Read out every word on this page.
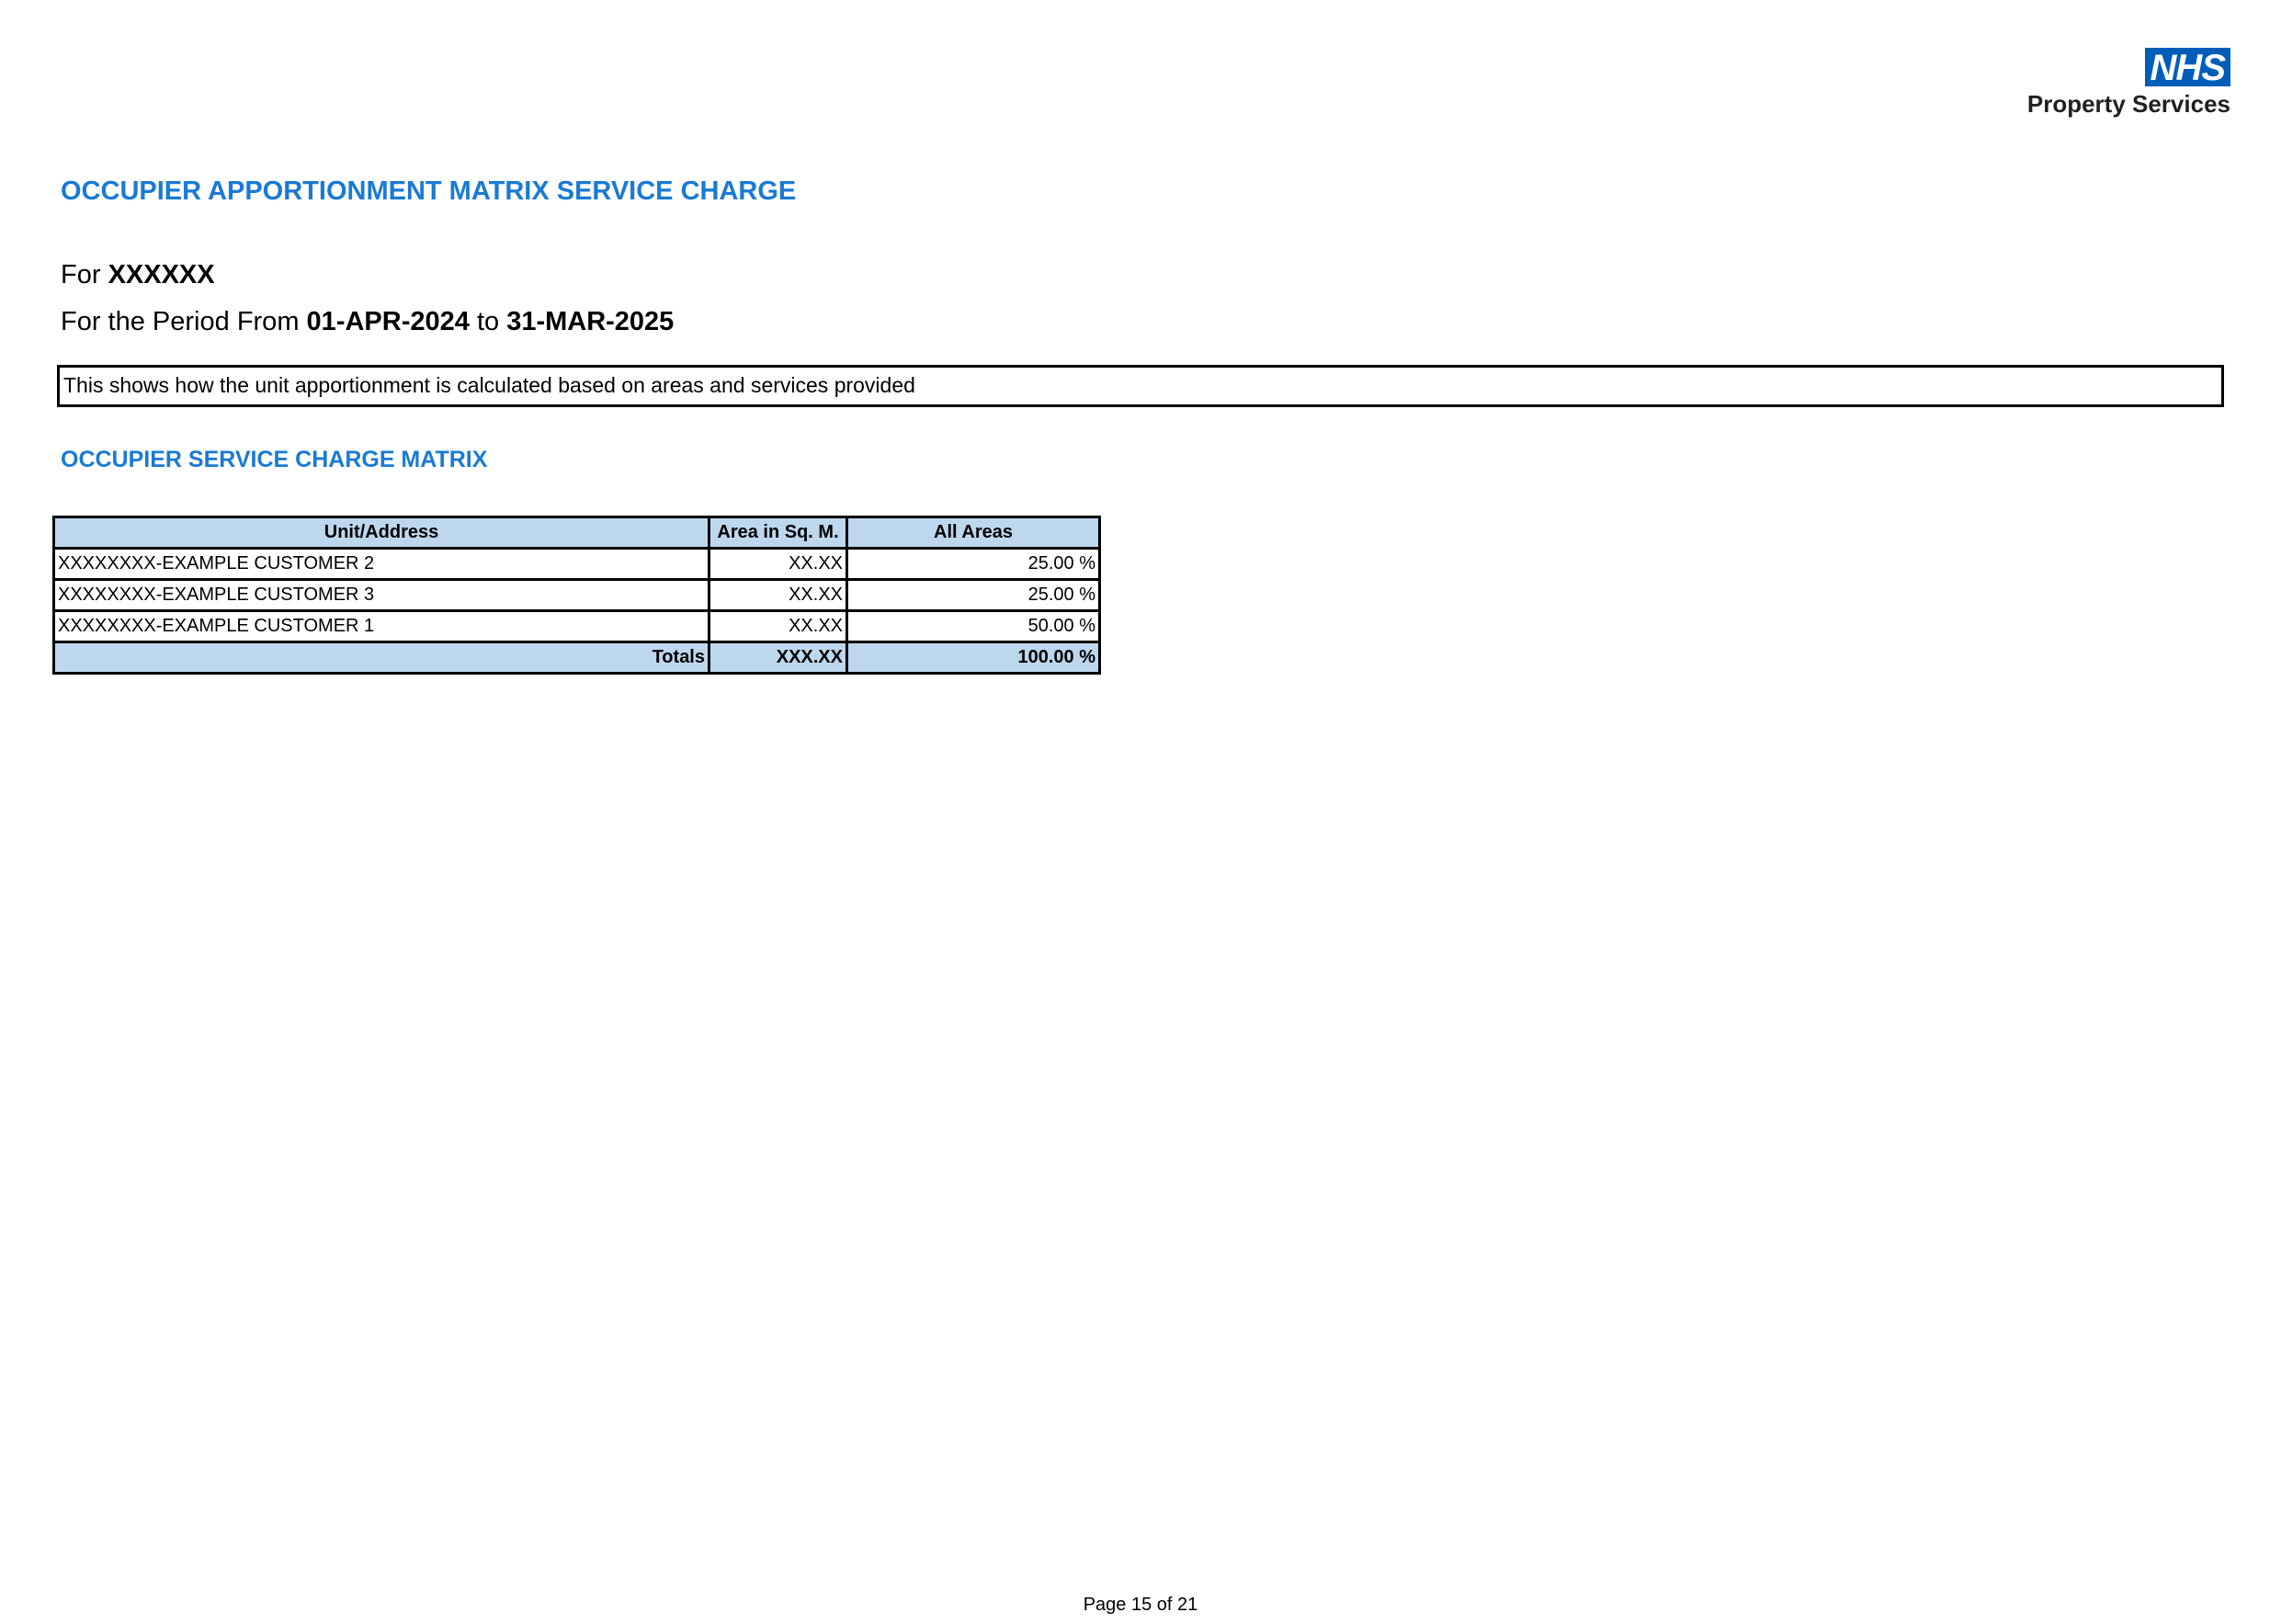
NHS
Property Services
OCCUPIER APPORTIONMENT MATRIX SERVICE CHARGE
For XXXXXX
For the Period From 01-APR-2024 to 31-MAR-2025
This shows how the unit apportionment is calculated based on areas and services provided
OCCUPIER SERVICE CHARGE MATRIX
Unit/Address	Area in Sq. M.	All Areas
XXXXXXXX-EXAMPLE CUSTOMER 2	XX.XX	25.00 %
XXXXXXXX-EXAMPLE CUSTOMER 3	XX.XX	25.00 %
XXXXXXXX-EXAMPLE CUSTOMER 1	XX.XX	50.00 %
Totals	XXX.XX	100.00 %
Page 15 of 21
